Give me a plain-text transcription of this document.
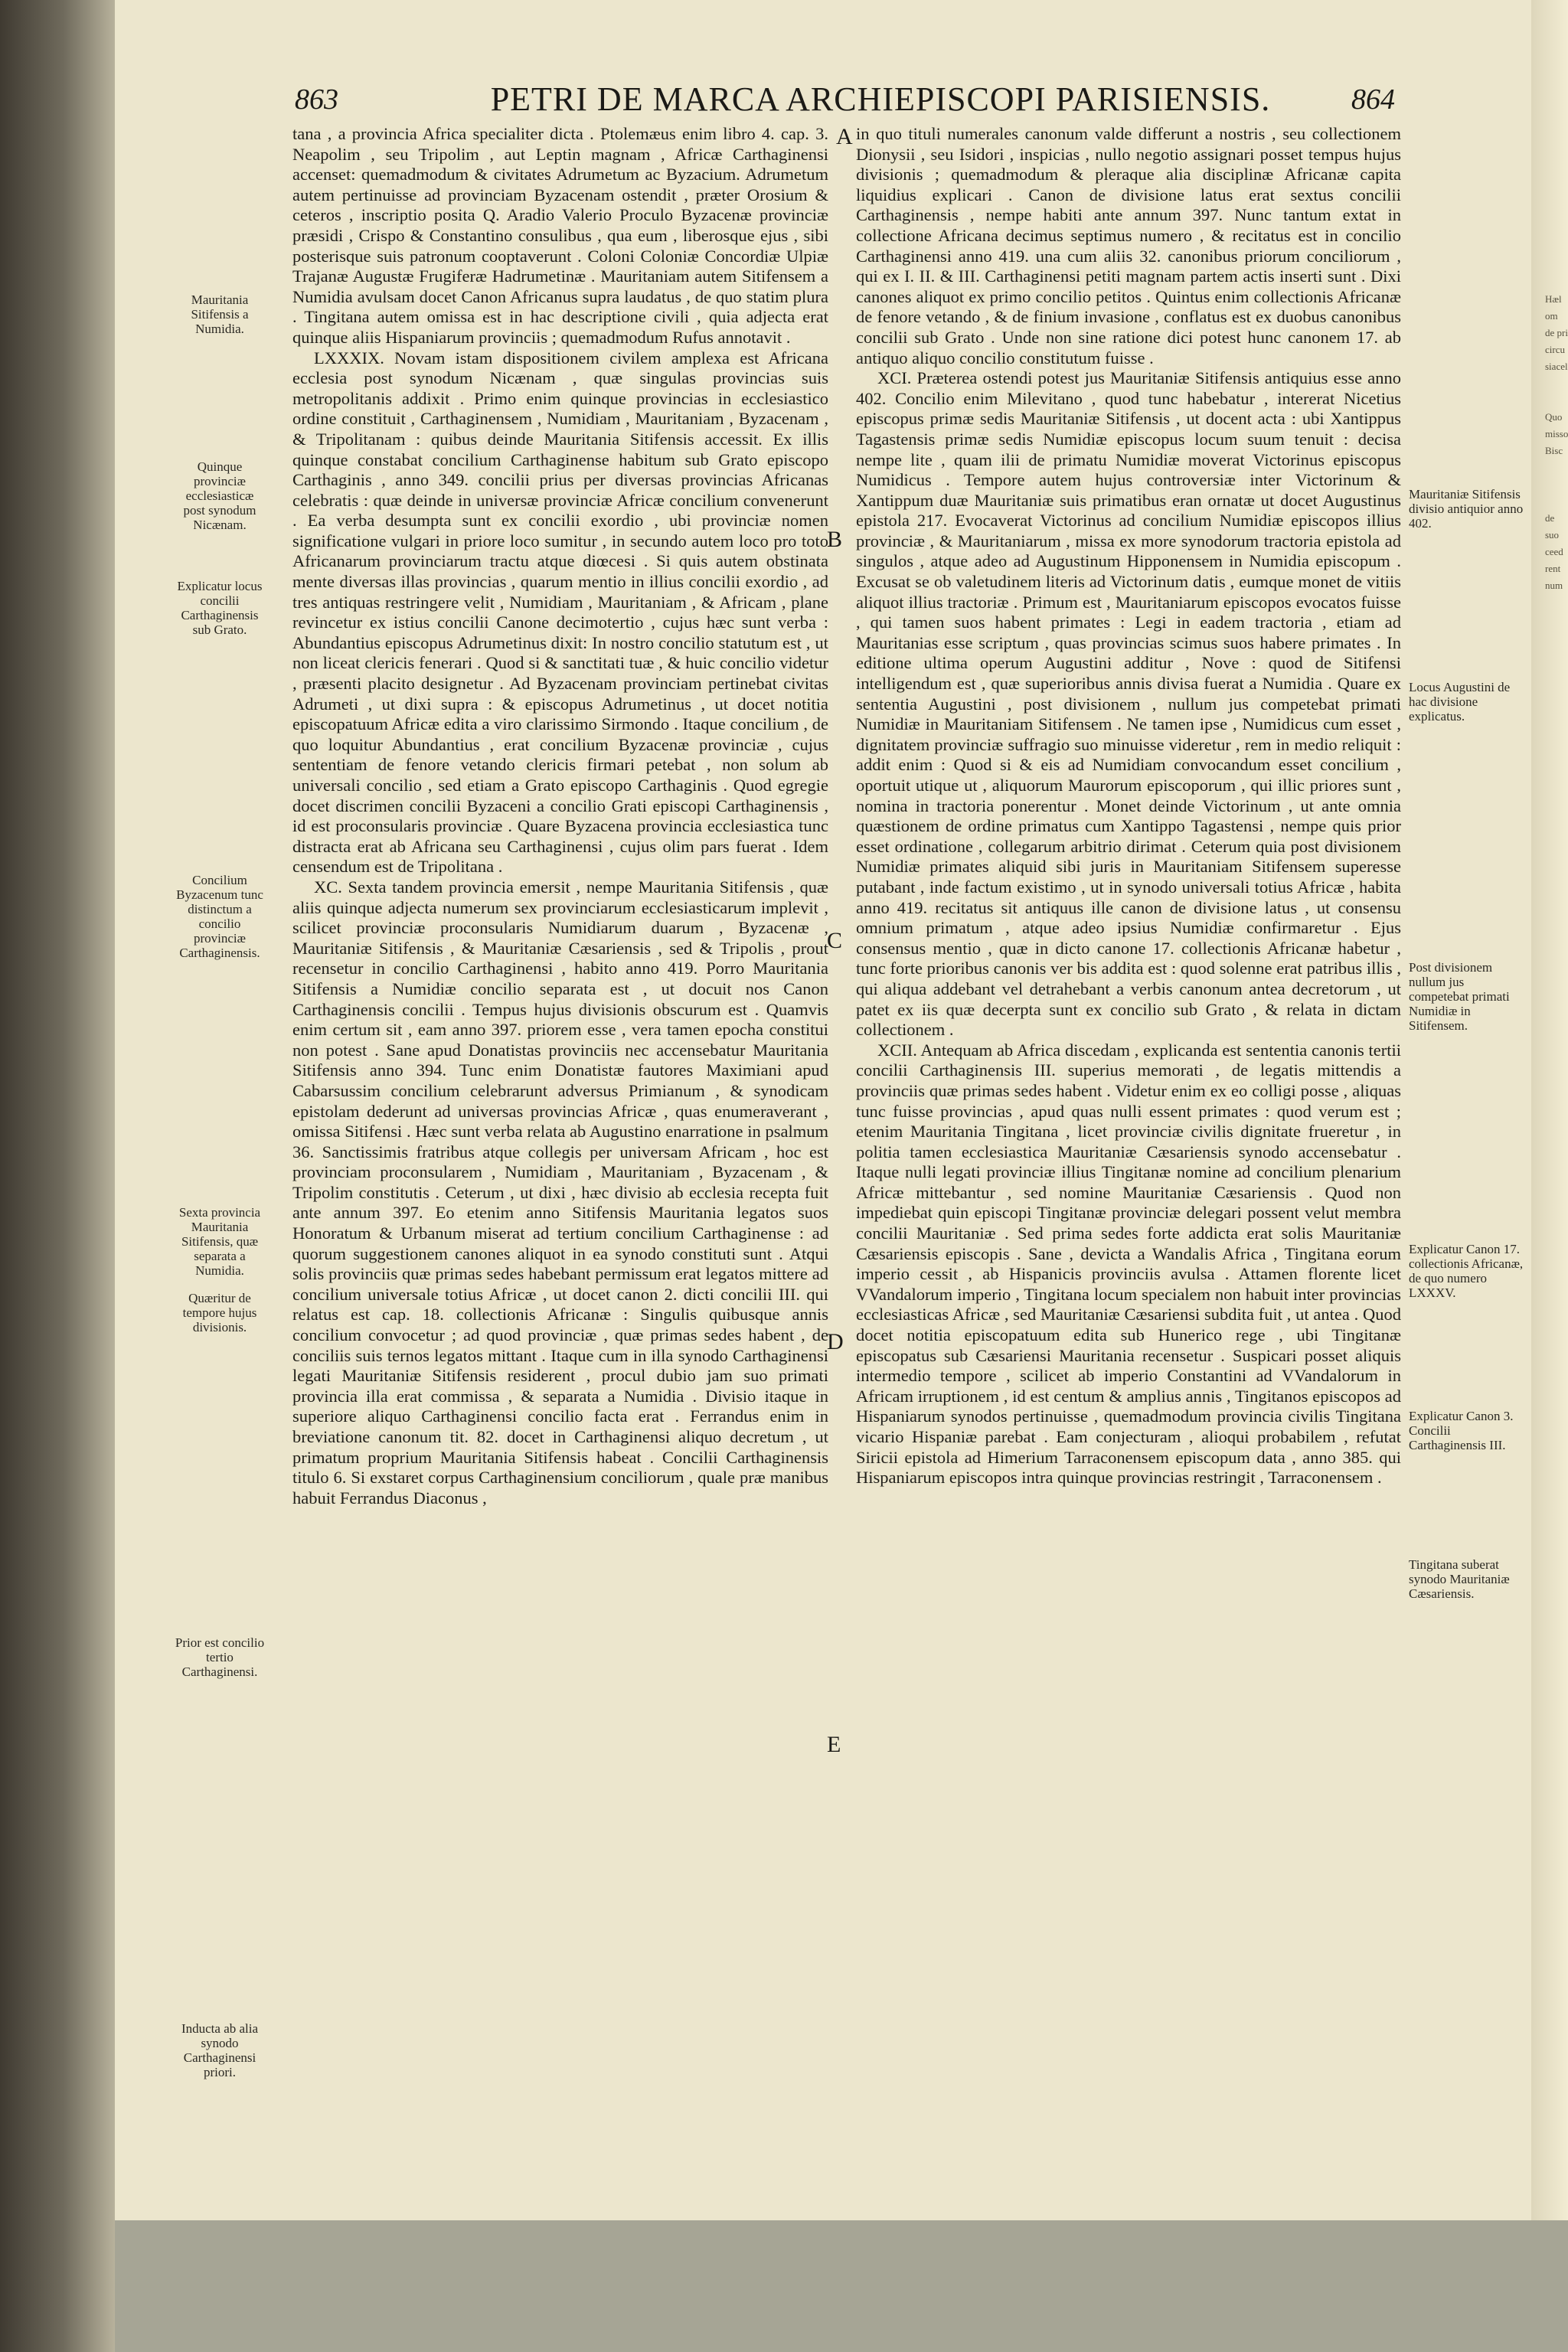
Hæl
om
de pri
circu
siacel

Quo
misso
Bisc

de
suo
ceed
rent
num
863	PETRI DE MARCA ARCHIEPISCOPI PARISIENSIS.	864

tana , a provincia Africa specialiter dicta . Ptolemæus enim libro 4. cap. 3. Neapolim , seu Tripolim , aut Leptin magnam , Africæ Carthaginensi accenset: quemadmodum & civitates Adrumetum ac Byzacium. Adrumetum autem pertinuisse ad provinciam Byzacenam ostendit , præter Orosium & ceteros , inscriptio posita Q. Aradio Valerio Proculo Byzacenæ provinciæ præsidi , Crispo & Constantino consulibus , qua eum , liberosque ejus , sibi posterisque suis patronum cooptaverunt . Coloni Coloniæ Concordiæ Ulpiæ Trajanæ Augustæ Frugiferæ Hadrumetinæ . Mauritaniam autem Sitifensem a Numidia avulsam docet Canon Africanus supra laudatus , de quo statim plura . Tingitana autem omissa est in hac descriptione civili , quia adjecta erat quinque aliis Hispaniarum provinciis ; quemadmodum Rufus annotavit .

LXXXIX. Novam istam dispositionem civilem amplexa est Africana ecclesia post synodum Nicænam , quæ singulas provincias suis metropolitanis addixit . Primo enim quinque provincias in ecclesiastico ordine constituit , Carthaginensem , Numidiam , Mauritaniam , Byzacenam , & Tripolitanam : quibus deinde Mauritania Sitifensis accessit. Ex illis quinque constabat concilium Carthaginense habitum sub Grato episcopo Carthaginis , anno 349. concilii prius per diversas provincias Africanas celebratis : quæ deinde in universæ provinciæ Africæ concilium convenerunt . Ea verba desumpta sunt ex concilii exordio , ubi provinciæ nomen significatione vulgari in priore loco sumitur , in secundo autem loco pro toto Africanarum provinciarum tractu atque diœcesi . Si quis autem obstinata mente diversas illas provincias , quarum mentio in illius concilii exordio , ad tres antiquas restringere velit , Numidiam , Mauritaniam , & Africam , plane revincetur ex istius concilii Canone decimotertio , cujus hæc sunt verba : Abundantius episcopus Adrumetinus dixit: In nostro concilio statutum est , ut non liceat clericis fenerari . Quod si & sanctitati tuæ , & huic concilio videtur , præsenti placito designetur . Ad Byzacenam provinciam pertinebat civitas Adrumeti , ut dixi supra : & episcopus Adrumetinus , ut docet notitia episcopatuum Africæ edita a viro clarissimo Sirmondo . Itaque concilium , de quo loquitur Abundantius , erat concilium Byzacenæ provinciæ , cujus sententiam de fenore vetando clericis firmari petebat , non solum ab universali concilio , sed etiam a Grato episcopo Carthaginis . Quod egregie docet discrimen concilii Byzaceni a concilio Grati episcopi Carthaginensis , id est proconsularis provinciæ . Quare Byzacena provincia ecclesiastica tunc distracta erat ab Africana seu Carthaginensi , cujus olim pars fuerat . Idem censendum est de Tripolitana .

XC. Sexta tandem provincia emersit , nempe Mauritania Sitifensis , quæ aliis quinque adjecta numerum sex provinciarum ecclesiasticarum implevit , scilicet provinciæ proconsularis Numidiarum duarum , Byzacenæ , Mauritaniæ Sitifensis , & Mauritaniæ Cæsariensis , sed & Tripolis , prout recensetur in concilio Carthaginensi , habito anno 419. Porro Mauritania Sitifensis a Numidiæ concilio separata est , ut docuit nos Canon Carthaginensis concilii . Tempus hujus divisionis obscurum est . Quamvis enim certum sit , eam anno 397. priorem esse , vera tamen epocha constitui non potest . Sane apud Donatistas provinciis nec accensebatur Mauritania Sitifensis anno 394. Tunc enim Donatistæ fautores Maximiani apud Cabarsussim concilium celebrarunt adversus Primianum , & synodicam epistolam dederunt ad universas provincias Africæ , quas enumeraverant , omissa Sitifensi . Hæc sunt verba relata ab Augustino enarratione in psalmum 36. Sanctissimis fratribus atque collegis per universam Africam , hoc est provinciam proconsularem , Numidiam , Mauritaniam , Byzacenam , & Tripolim constitutis . Ceterum , ut dixi , hæc divisio ab ecclesia recepta fuit ante annum 397. Eo etenim anno Sitifensis Mauritania legatos suos Honoratum & Urbanum miserat ad tertium concilium Carthaginense : ad quorum suggestionem canones aliquot in ea synodo constituti sunt . Atqui solis provinciis quæ primas sedes habebant permissum erat legatos mittere ad concilium universale totius Africæ , ut docet canon 2. dicti concilii III. qui relatus est cap. 18. collectionis Africanæ : Singulis quibusque annis concilium convocetur ; ad quod provinciæ , quæ primas sedes habent , de conciliis suis ternos legatos mittant . Itaque cum in illa synodo Carthaginensi legati Mauritaniæ Sitifensis residerent , procul dubio jam suo primati provincia illa erat commissa , & separata a Numidia . Divisio itaque in superiore aliquo Carthaginensi concilio facta erat . Ferrandus enim in breviatione canonum tit. 82. docet in Carthaginensi aliquo decretum , ut primatum proprium Mauritania Sitifensis habeat . Concilii Carthaginensis titulo 6. Si exstaret corpus Carthaginensium conciliorum , quale præ manibus habuit Ferrandus Diaconus ,

in quo tituli numerales canonum valde differunt a nostris , seu collectionem Dionysii , seu Isidori , inspicias , nullo negotio assignari posset tempus hujus divisionis ; quemadmodum & pleraque alia disciplinæ Africanæ capita liquidius explicari . Canon de divisione latus erat sextus concilii Carthaginensis , nempe habiti ante annum 397. Nunc tantum extat in collectione Africana decimus septimus numero , & recitatus est in concilio Carthaginensi anno 419. una cum aliis 32. canonibus priorum conciliorum , qui ex I. II. & III. Carthaginensi petiti magnam partem actis inserti sunt . Dixi canones aliquot ex primo concilio petitos . Quintus enim collectionis Africanæ de fenore vetando , & de finium invasione , conflatus est ex duobus canonibus concilii sub Grato . Unde non sine ratione dici potest hunc canonem 17. ab antiquo aliquo concilio constitutum fuisse .

XCI. Præterea ostendi potest jus Mauritaniæ Sitifensis antiquius esse anno 402. Concilio enim Milevitano , quod tunc habebatur , intererat Nicetius episcopus primæ sedis Mauritaniæ Sitifensis , ut docent acta : ubi Xantippus Tagastensis primæ sedis Numidiæ episcopus locum suum tenuit : decisa nempe lite , quam ilii de primatu Numidiæ moverat Victorinus episcopus Numidicus . Tempore autem hujus controversiæ inter Victorinum & Xantippum duæ Mauritaniæ suis primatibus eran ornatæ ut docet Augustinus epistola 217. Evocaverat Victorinus ad concilium Numidiæ episcopos illius provinciæ , & Mauritaniarum , missa ex more synodorum tractoria epistola ad singulos , atque adeo ad Augustinum Hipponensem in Numidia episcopum . Excusat se ob valetudinem literis ad Victorinum datis , eumque monet de vitiis aliquot illius tractoriæ . Primum est , Mauritaniarum episcopos evocatos fuisse , qui tamen suos habent primates : Legi in eadem tractoria , etiam ad Mauritanias esse scriptum , quas provincias scimus suos habere primates . In editione ultima operum Augustini additur , Nove : quod de Sitifensi intelligendum est , quæ superioribus annis divisa fuerat a Numidia . Quare ex sententia Augustini , post divisionem , nullum jus competebat primati Numidiæ in Mauritaniam Sitifensem . Ne tamen ipse , Numidicus cum esset , dignitatem provinciæ suffragio suo minuisse videretur , rem in medio reliquit : addit enim : Quod si & eis ad Numidiam convocandum esset concilium , oportuit utique ut , aliquorum Maurorum episcoporum , qui illic priores sunt , nomina in tractoria ponerentur . Monet deinde Victorinum , ut ante omnia quæstionem de ordine primatus cum Xantippo Tagastensi , nempe quis prior esset ordinatione , collegarum arbitrio dirimat . Ceterum quia post divisionem Numidiæ primates aliquid sibi juris in Mauritaniam Sitifensem superesse putabant , inde factum existimo , ut in synodo universali totius Africæ , habita anno 419. recitatus sit antiquus ille canon de divisione latus , ut consensu omnium primatum , atque adeo ipsius Numidiæ confirmaretur . Ejus consensus mentio , quæ in dicto canone 17. collectionis Africanæ habetur , tunc forte prioribus canonis ver bis addita est : quod solenne erat patribus illis , qui aliqua addebant vel detrahebant a verbis canonum antea decretorum , ut patet ex iis quæ decerpta sunt ex concilio sub Grato , & relata in dictam collectionem .

XCII. Antequam ab Africa discedam , explicanda est sententia canonis tertii concilii Carthaginensis III. superius memorati , de legatis mittendis a provinciis quæ primas sedes habent . Videtur enim ex eo colligi posse , aliquas tunc fuisse provincias , apud quas nulli essent primates : quod verum est ; etenim Mauritania Tingitana , licet provinciæ civilis dignitate frueretur , in politia tamen ecclesiastica Mauritaniæ Cæsariensis synodo accensebatur . Itaque nulli legati provinciæ illius Tingitanæ nomine ad concilium plenarium Africæ mittebantur , sed nomine Mauritaniæ Cæsariensis . Quod non impediebat quin episcopi Tingitanæ provinciæ delegari possent velut membra concilii Mauritaniæ . Sed prima sedes forte addicta erat solis Mauritaniæ Cæsariensis episcopis . Sane , devicta a Wandalis Africa , Tingitana eorum imperio cessit , ab Hispanicis provinciis avulsa . Attamen florente licet VVandalorum imperio , Tingitana locum specialem non habuit inter provincias ecclesiasticas Africæ , sed Mauritaniæ Cæsariensi subdita fuit , ut antea . Quod docet notitia episcopatuum edita sub Hunerico rege , ubi Tingitanæ episcopatus sub Cæsariensi Mauritania recensetur . Suspicari posset aliquis intermedio tempore , scilicet ab imperio Constantini ad VVandalorum in Africam irruptionem , id est centum & amplius annis , Tingitanos episcopos ad Hispaniarum synodos pertinuisse , quemadmodum provincia civilis Tingitana vicario Hispaniæ parebat . Eam conjecturam , alioqui probabilem , refutat Siricii epistola ad Himerium Tarraconensem episcopum data , anno 385. qui Hispaniarum episcopos intra quinque provincias restringit , Tarraconensem .

A
B
C
D
E
Mauritania Sitifensis a Numidia.
Quinque provinciæ ecclesiasticæ post synodum Nicænam.
Explicatur locus concilii Carthaginensis sub Grato.
Concilium Byzacenum tunc distinctum a concilio provinciæ Carthaginensis.
Sexta provincia Mauritania Sitifensis, quæ separata a Numidia.
Quæritur de tempore hujus divisionis.
Prior est concilio tertio Carthaginensi.
Inducta ab alia synodo Carthaginensi priori.
Mauritaniæ Sitifensis divisio antiquior anno 402.
Locus Augustini de hac divisione explicatus.
Post divisionem nullum jus competebat primati Numidiæ in Sitifensem.
Explicatur Canon 17. collectionis Africanæ, de quo numero LXXXV.
Explicatur Canon 3. Concilii Carthaginensis III.
Tingitana suberat synodo Mauritaniæ Cæsariensis.
